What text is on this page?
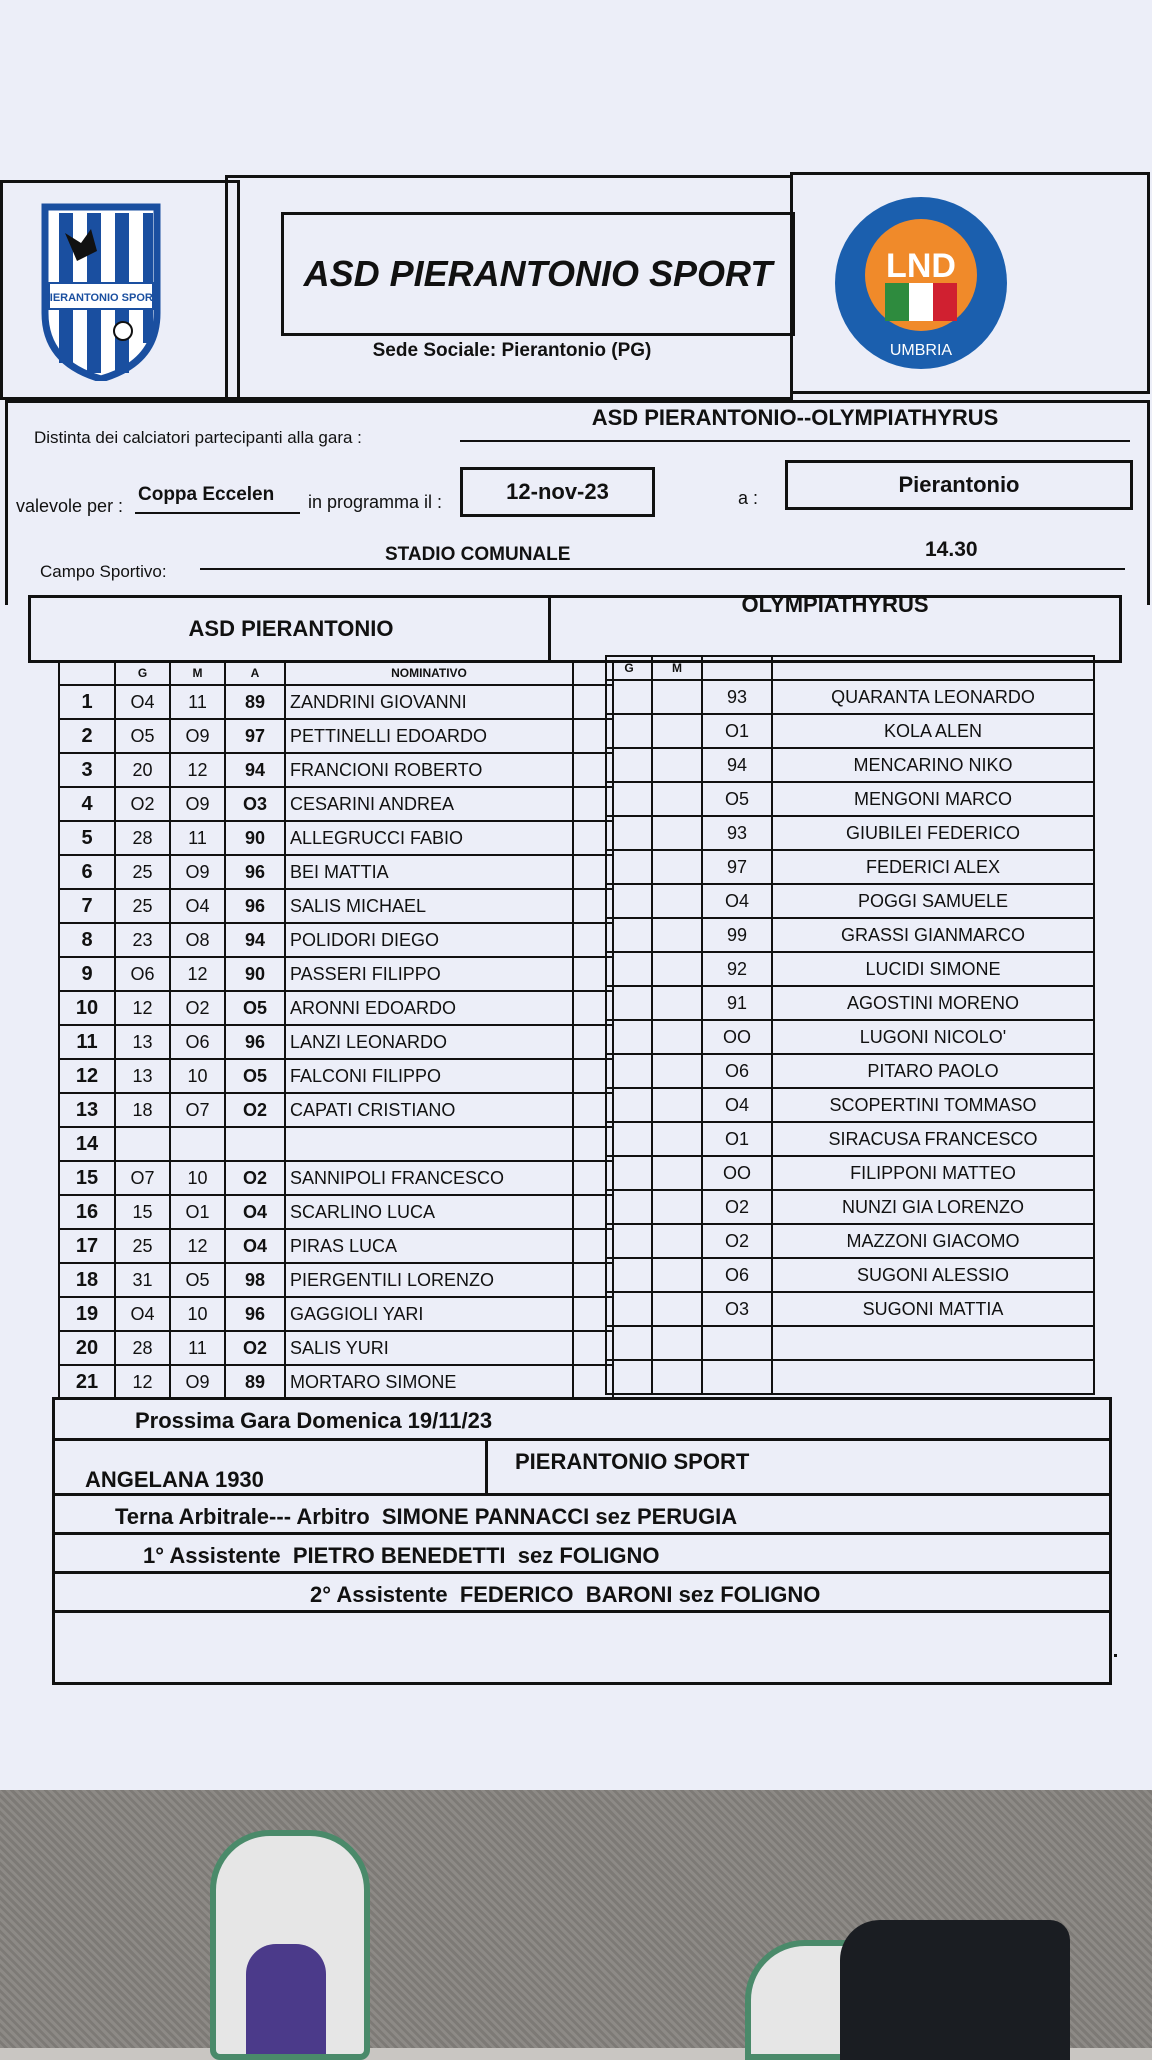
PIERANTONIO SPORT
ASD PIERANTONIO SPORT
Sede Sociale: Pierantonio (PG)
LND
UMBRIA
Distinta dei calciatori partecipanti alla gara :
ASD PIERANTONIO--OLYMPIATHYRUS
valevole per :
Coppa Eccelen in programma il :	12-nov-23	a :
Pierantonio
Campo Sportivo:
STADIO COMUNALE	14.30
ASD PIERANTONIO
OLYMPIATHYRUS
	G	M	A	NOMINATIVO	
1	O4	11	89	ZANDRINI GIOVANNI	
2	O5	O9	97	PETTINELLI EDOARDO	
3	20	12	94	FRANCIONI ROBERTO	
4	O2	O9	O3	CESARINI ANDREA	
5	28	11	90	ALLEGRUCCI FABIO	
6	25	O9	96	BEI MATTIA	
7	25	O4	96	SALIS MICHAEL	
8	23	O8	94	POLIDORI DIEGO	
9	O6	12	90	PASSERI FILIPPO	
10	12	O2	O5	ARONNI EDOARDO	
11	13	O6	96	LANZI LEONARDO	
12	13	10	O5	FALCONI FILIPPO	
13	18	O7	O2	CAPATI CRISTIANO	
14					
15	O7	10	O2	SANNIPOLI FRANCESCO	
16	15	O1	O4	SCARLINO LUCA	
17	25	12	O4	PIRAS LUCA	
18	31	O5	98	PIERGENTILI LORENZO	
19	O4	10	96	GAGGIOLI YARI	
20	28	11	O2	SALIS YURI	
21	12	O9	89	MORTARO SIMONE	
G	M		
		93	QUARANTA LEONARDO
		O1	KOLA ALEN
		94	MENCARINO NIKO
		O5	MENGONI MARCO
		93	GIUBILEI FEDERICO
		97	FEDERICI ALEX
		O4	POGGI SAMUELE
		99	GRASSI GIANMARCO
		92	LUCIDI SIMONE
		91	AGOSTINI MORENO
		OO	LUGONI NICOLO'
		O6	PITARO PAOLO
		O4	SCOPERTINI TOMMASO
		O1	SIRACUSA FRANCESCO
		OO	FILIPPONI MATTEO
		O2	NUNZI GIA LORENZO
		O2	MAZZONI GIACOMO
		O6	SUGONI ALESSIO
		O3	SUGONI MATTIA

Prossima Gara Domenica 19/11/23
ANGELANA 1930
PIERANTONIO SPORT
Terna Arbitrale--- Arbitro  SIMONE PANNACCI sez PERUGIA
1° Assistente  PIETRO BENEDETTI  sez FOLIGNO
2° Assistente  FEDERICO  BARONI sez FOLIGNO
